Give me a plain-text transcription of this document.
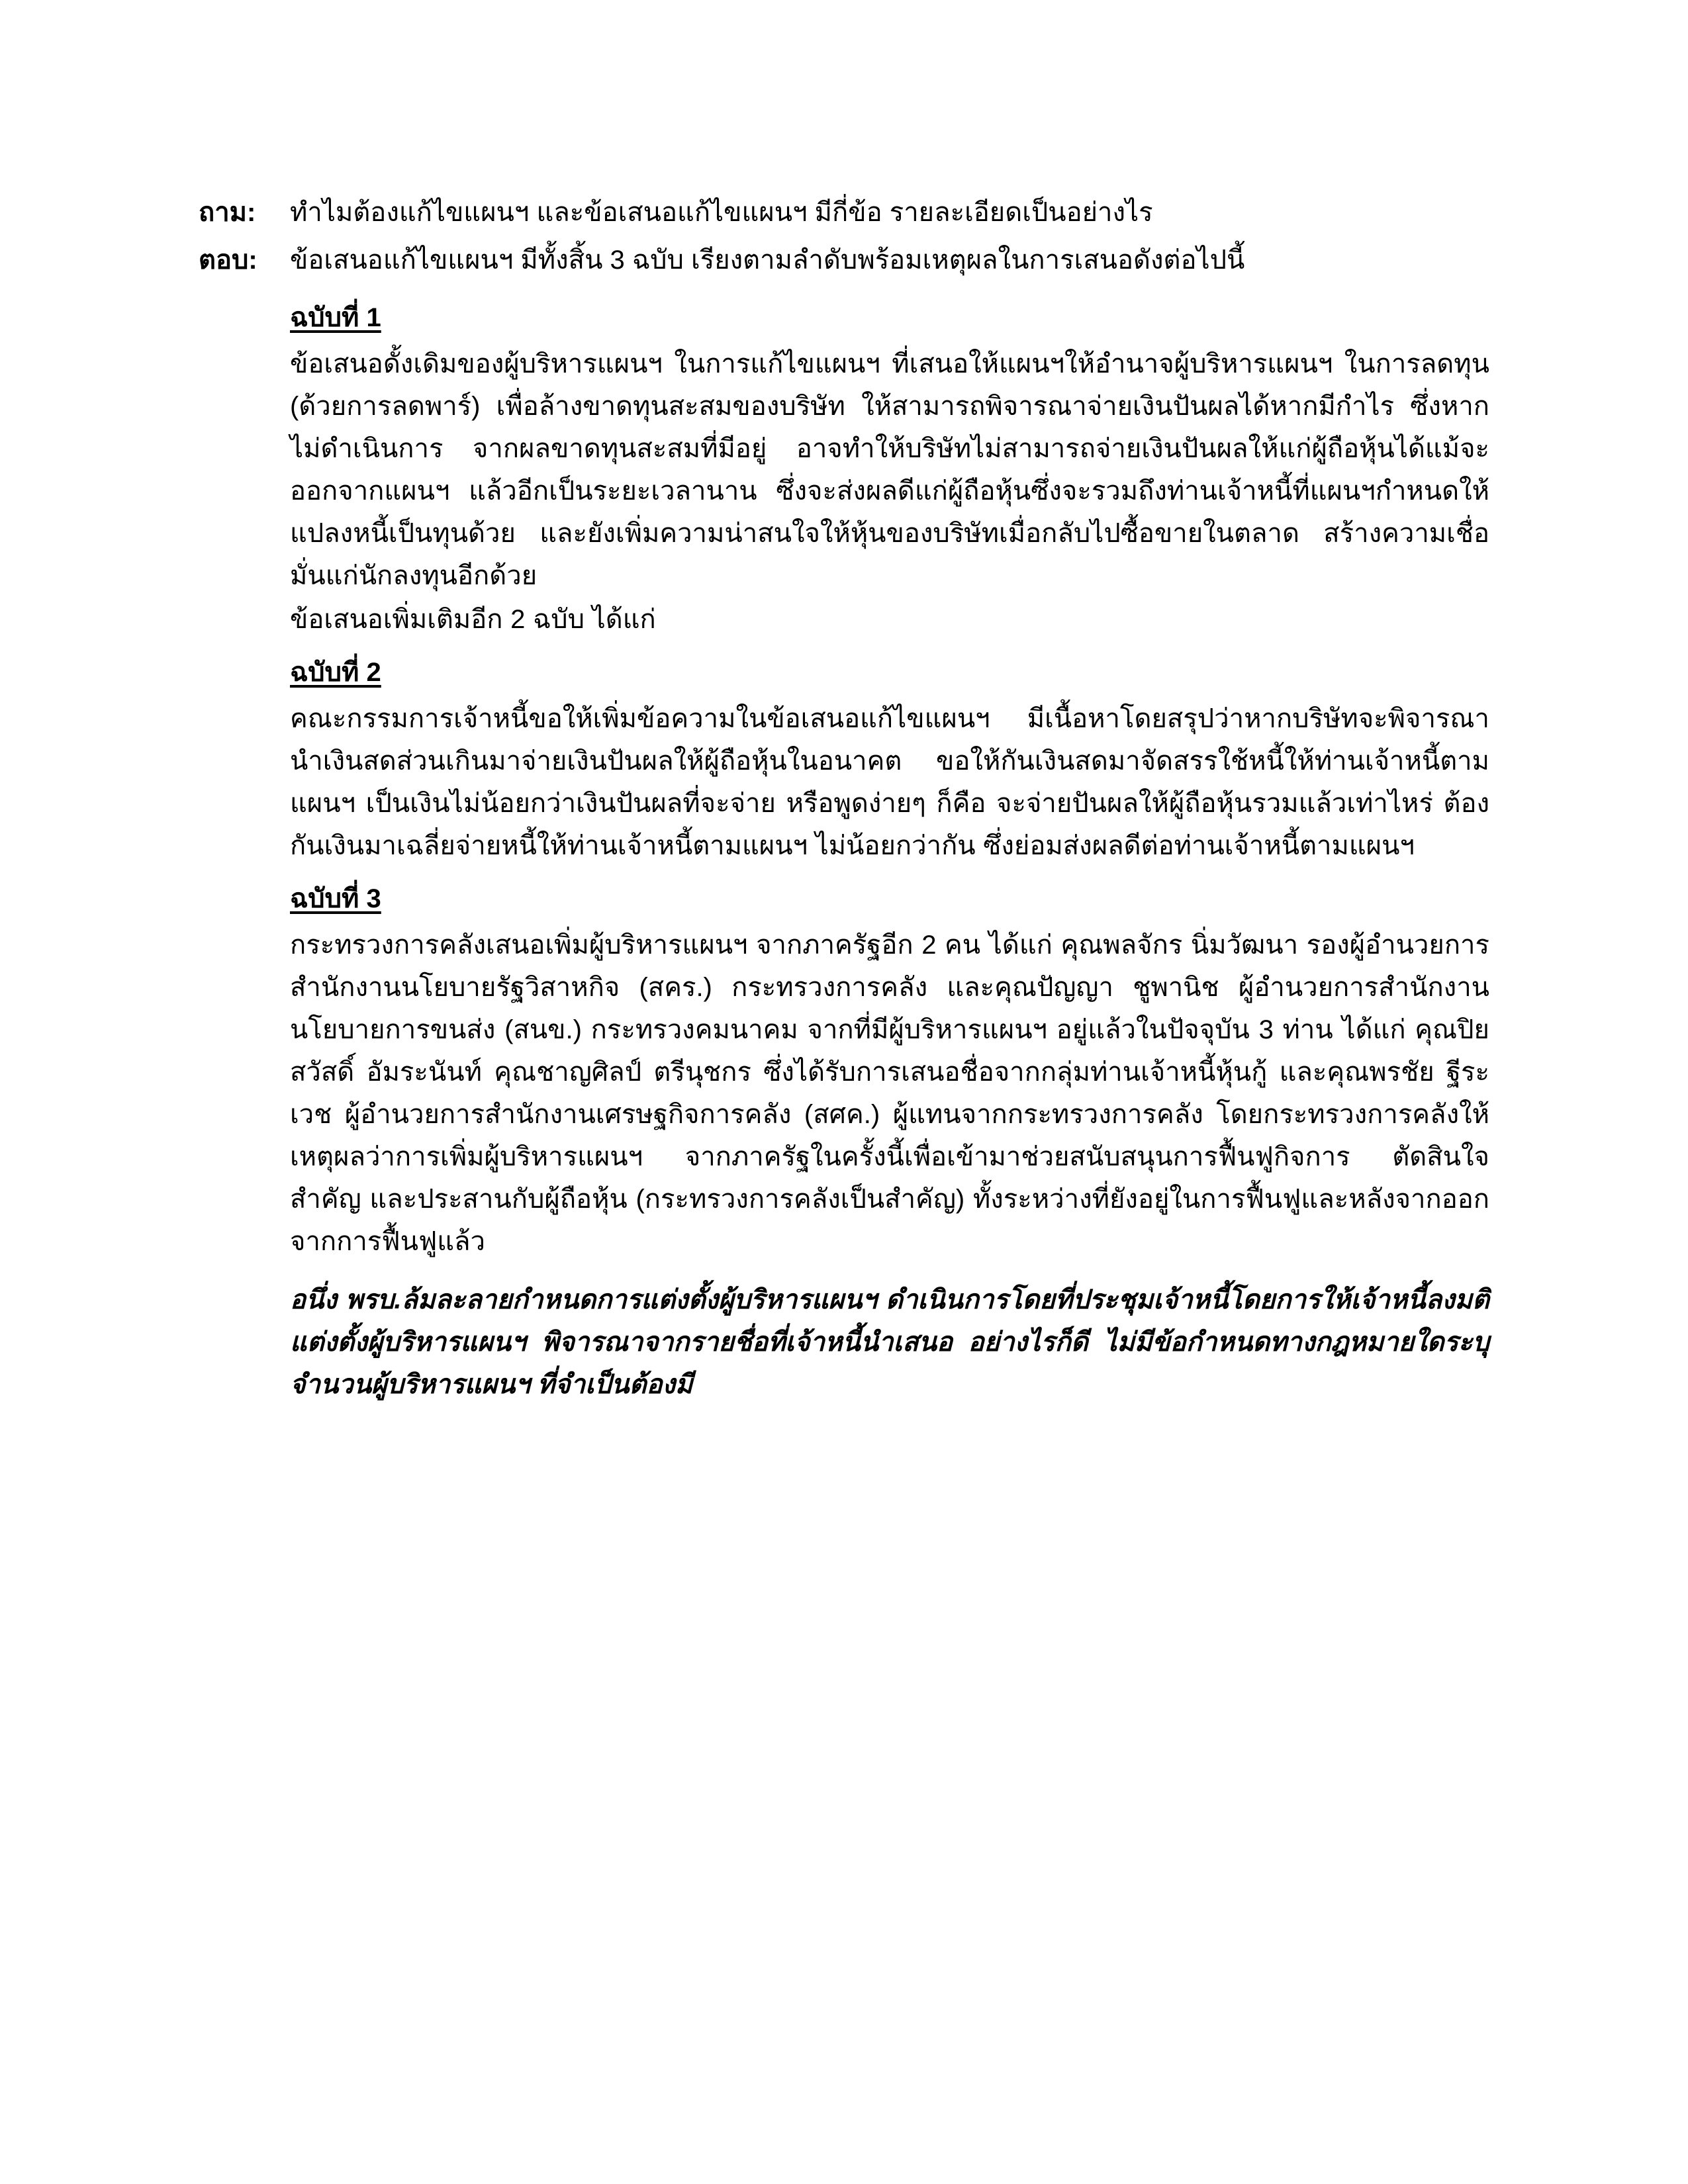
ถาม:	ทำไมต้องแก้ไขแผนฯ และข้อเสนอแก้ไขแผนฯ มีกี่ข้อ รายละเอียดเป็นอย่างไร
ตอบ:	ข้อเสนอแก้ไขแผนฯ มีทั้งสิ้น 3 ฉบับ เรียงตามลำดับพร้อมเหตุผลในการเสนอดังต่อไปนี้
ฉบับที่ 1

ข้อเสนอดั้งเดิมของผู้บริหารแผนฯ ในการแก้ไขแผนฯ ที่เสนอให้แผนฯให้อำนาจผู้บริหารแผนฯ ในการลดทุน (ด้วยการลดพาร์) เพื่อล้างขาดทุนสะสมของบริษัท ให้สามารถพิจารณาจ่ายเงินปันผลได้หากมีกำไร ซึ่งหากไม่ดำเนินการ จากผลขาดทุนสะสมที่มีอยู่ อาจทำให้บริษัทไม่สามารถจ่ายเงินปันผลให้แก่ผู้ถือหุ้นได้แม้จะออกจากแผนฯ แล้วอีกเป็นระยะเวลานาน ซึ่งจะส่งผลดีแก่ผู้ถือหุ้นซึ่งจะรวมถึงท่านเจ้าหนี้ที่แผนฯกำหนดให้แปลงหนี้เป็นทุนด้วย และยังเพิ่มความน่าสนใจให้หุ้นของบริษัทเมื่อกลับไปซื้อขายในตลาด สร้างความเชื่อมั่นแก่นักลงทุนอีกด้วย

ข้อเสนอเพิ่มเติมอีก 2 ฉบับ ได้แก่

ฉบับที่ 2

คณะกรรมการเจ้าหนี้ขอให้เพิ่มข้อความในข้อเสนอแก้ไขแผนฯ มีเนื้อหาโดยสรุปว่าหากบริษัทจะพิจารณานำเงินสดส่วนเกินมาจ่ายเงินปันผลให้ผู้ถือหุ้นในอนาคต ขอให้กันเงินสดมาจัดสรรใช้หนี้ให้ท่านเจ้าหนี้ตามแผนฯ เป็นเงินไม่น้อยกว่าเงินปันผลที่จะจ่าย หรือพูดง่ายๆ ก็คือ จะจ่ายปันผลให้ผู้ถือหุ้นรวมแล้วเท่าไหร่ ต้องกันเงินมาเฉลี่ยจ่ายหนี้ให้ท่านเจ้าหนี้ตามแผนฯ ไม่น้อยกว่ากัน ซึ่งย่อมส่งผลดีต่อท่านเจ้าหนี้ตามแผนฯ

ฉบับที่ 3

กระทรวงการคลังเสนอเพิ่มผู้บริหารแผนฯ จากภาครัฐอีก 2 คน ได้แก่ คุณพลจักร นิ่มวัฒนา รองผู้อำนวยการสำนักงานนโยบายรัฐวิสาหกิจ (สคร.) กระทรวงการคลัง และคุณปัญญา ชูพานิช ผู้อำนวยการสำนักงานนโยบายการขนส่ง (สนข.) กระทรวงคมนาคม จากที่มีผู้บริหารแผนฯ อยู่แล้วในปัจจุบัน 3 ท่าน ได้แก่ คุณปิยสวัสดิ์ อัมระนันท์ คุณชาญศิลป์ ตรีนุชกร ซึ่งได้รับการเสนอชื่อจากกลุ่มท่านเจ้าหนี้หุ้นกู้ และคุณพรชัย ฐีระเวช ผู้อำนวยการสำนักงานเศรษฐกิจการคลัง (สศค.) ผู้แทนจากกระทรวงการคลัง โดยกระทรวงการคลังให้เหตุผลว่าการเพิ่มผู้บริหารแผนฯ จากภาครัฐในครั้งนี้เพื่อเข้ามาช่วยสนับสนุนการฟื้นฟูกิจการ ตัดสินใจสำคัญ และประสานกับผู้ถือหุ้น (กระทรวงการคลังเป็นสำคัญ) ทั้งระหว่างที่ยังอยู่ในการฟื้นฟูและหลังจากออกจากการฟื้นฟูแล้ว

อนึ่ง พรบ.ล้มละลายกำหนดการแต่งตั้งผู้บริหารแผนฯ ดำเนินการโดยที่ประชุมเจ้าหนี้โดยการให้เจ้าหนี้ลงมติแต่งตั้งผู้บริหารแผนฯ พิจารณาจากรายชื่อที่เจ้าหนี้นำเสนอ อย่างไรก็ดี ไม่มีข้อกำหนดทางกฎหมายใดระบุจำนวนผู้บริหารแผนฯ ที่จำเป็นต้องมี
